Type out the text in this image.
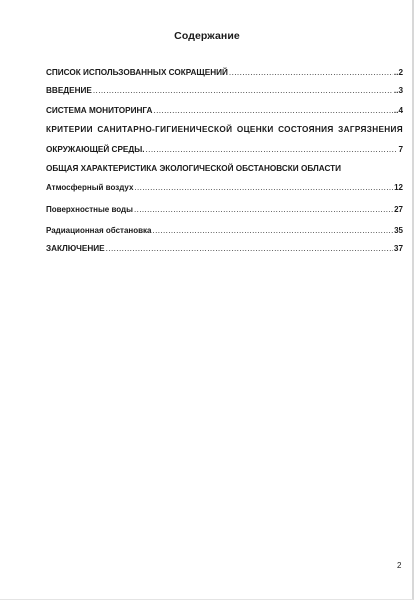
Содержание
СПИСОК ИСПОЛЬЗОВАННЫХ СОКРАЩЕНИЙ .....	..2
ВВЕДЕНИЕ .....	..3
СИСТЕМА МОНИТОРИНГА .....	..4
КРИТЕРИИ САНИТАРНО-ГИГИЕНИЧЕСКОЙ ОЦЕНКИ СОСТОЯНИЯ ЗАГРЯЗНЕНИЯ
ОКРУЖАЮЩЕЙ СРЕДЫ. .....	7
ОБЩАЯ ХАРАКТЕРИСТИКА ЭКОЛОГИЧЕСКОЙ ОБСТАНОВСКИ ОБЛАСТИ
Атмосферный воздух .....	12
Поверхностные воды .....	27
Радиационная обстановка .....	35
ЗАКЛЮЧЕНИЕ .....	37
2
